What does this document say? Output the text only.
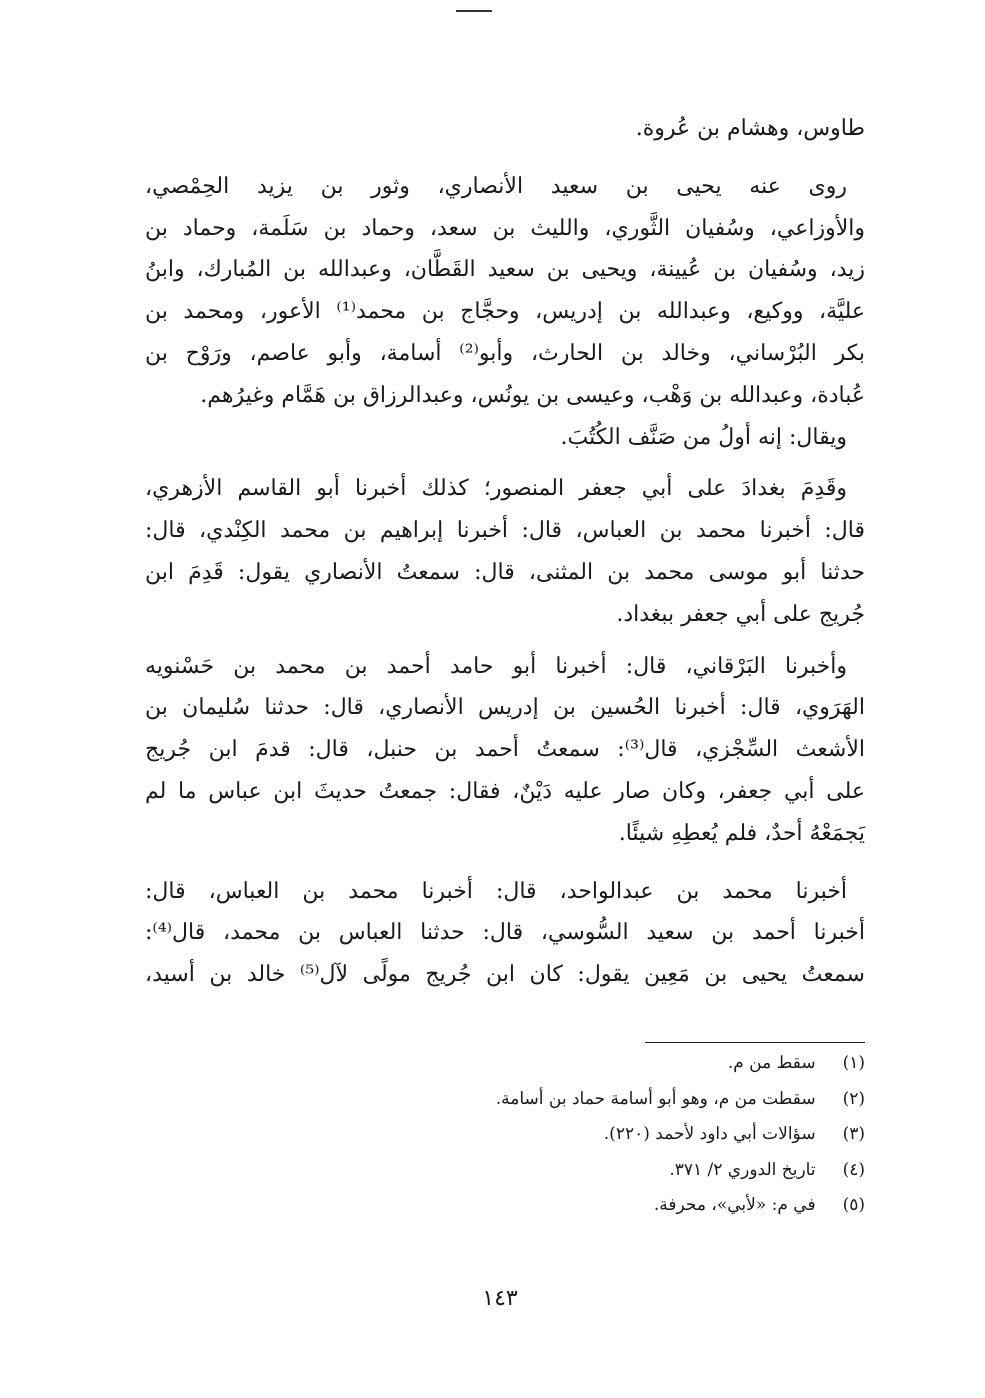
طاوس، وهشام بن عُروة.
روى عنه يحيى بن سعيد الأنصاري، وثور بن يزيد الحِمْصي،
والأوزاعي، وسُفيان الثَّوري، والليث بن سعد، وحماد بن سَلَمة، وحماد بن
زيد، وسُفيان بن عُيينة، ويحيى بن سعيد القَطَّان، وعبدالله بن المُبارك، وابنُ
عليَّة، ووكيع، وعبدالله بن إدريس، وحجَّاج بن محمد⁽¹⁾ الأعور، ومحمد بن
بكر البُرْساني، وخالد بن الحارث، وأبو⁽²⁾ أسامة، وأبو عاصم، ورَوْح بن
عُبادة، وعبدالله بن وَهْب، وعيسى بن يونُس، وعبدالرزاق بن هَمَّام وغيرُهم.
ويقال: إنه أولُ من صَنَّف الكُتُبَ.
وقَدِمَ بغدادَ على أبي جعفر المنصور؛ كذلك أخبرنا أبو القاسم الأزهري،
قال: أخبرنا محمد بن العباس، قال: أخبرنا إبراهيم بن محمد الكِنْدي، قال:
حدثنا أبو موسى محمد بن المثنى، قال: سمعتُ الأنصاري يقول: قَدِمَ ابن
جُريج على أبي جعفر ببغداد.
وأخبرنا البَرْقاني، قال: أخبرنا أبو حامد أحمد بن محمد بن حَسْنويه
الهَرَوي، قال: أخبرنا الحُسين بن إدريس الأنصاري، قال: حدثنا سُليمان بن
الأشعث السِّجْزي، قال⁽³⁾: سمعتُ أحمد بن حنبل، قال: قدمَ ابن جُريج
على أبي جعفر، وكان صار عليه دَيْنٌ، فقال: جمعتُ حديثَ ابن عباس ما لم
يَجمَعْهُ أحدٌ، فلم يُعطِهِ شيئًا.
أخبرنا محمد بن عبدالواحد، قال: أخبرنا محمد بن العباس، قال:
أخبرنا أحمد بن سعيد السُّوسي، قال: حدثنا العباس بن محمد، قال⁽⁴⁾:
سمعتُ يحيى بن مَعِين يقول: كان ابن جُريج مولًى لآل⁽⁵⁾ خالد بن أسيد،
(١) سقط من م.
(٢) سقطت من م، وهو أبو أسامة حماد بن أسامة.
(٣) سؤالات أبي داود لأحمد (٢٢٠).
(٤) تاريخ الدوري ٢/ ٣٧١.
(٥) في م: «لأبي»، محرفة.
١٤٣
